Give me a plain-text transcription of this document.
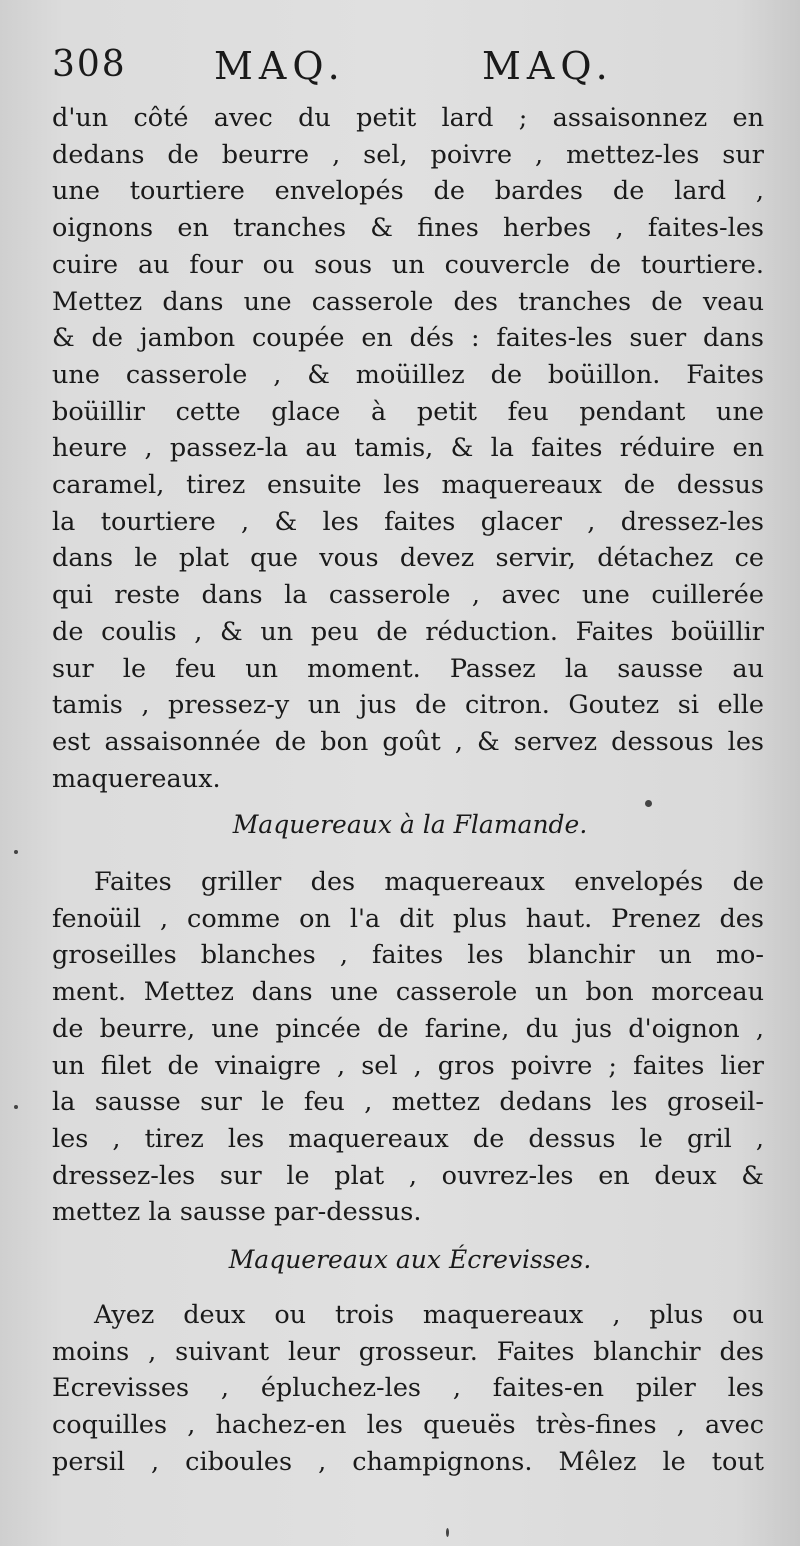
308 MAQ.	MAQ.
d'un côté avec du petit lard ; assaisonnez en
dedans de beurre , sel, poivre , mettez-les sur
une tourtiere envelopés de bardes de lard ,
oignons en tranches & fines herbes , faites-les
cuire au four ou sous un couvercle de tourtiere.
Mettez dans une casserole des tranches de veau
& de jambon coupée en dés : faites-les suer dans
une casserole , & moüillez de boüillon. Faites
boüillir cette glace à petit feu pendant une
heure , passez-la au tamis, & la faites réduire en
caramel, tirez ensuite les maquereaux de dessus
la tourtiere , & les faites glacer , dressez-les
dans le plat que vous devez servir, détachez ce
qui reste dans la casserole , avec une cuillerée
de coulis , & un peu de réduction. Faites boüillir
sur le feu un moment. Passez la sausse au
tamis , pressez-y un jus de citron. Goutez si elle
est assaisonnée de bon goût , & servez dessous les
maquereaux.
Maquereaux à la Flamande.
Faites griller des maquereaux envelopés de
fenoüil , comme on l'a dit plus haut. Prenez des
groseilles blanches , faites les blanchir un mo-
ment. Mettez dans une casserole un bon morceau
de beurre, une pincée de farine, du jus d'oignon ,
un filet de vinaigre , sel , gros poivre ; faites lier
la sausse sur le feu , mettez dedans les groseil-
les , tirez les maquereaux de dessus le gril ,
dressez-les sur le plat , ouvrez-les en deux &
mettez la sausse par-dessus.
Maquereaux aux Écrevisses.
Ayez deux ou trois maquereaux , plus ou
moins , suivant leur grosseur. Faites blanchir des
Ecrevisses , épluchez-les , faites-en piler les
coquilles , hachez-en les queuës très-fines , avec
persil , ciboules , champignons. Mêlez le tout
